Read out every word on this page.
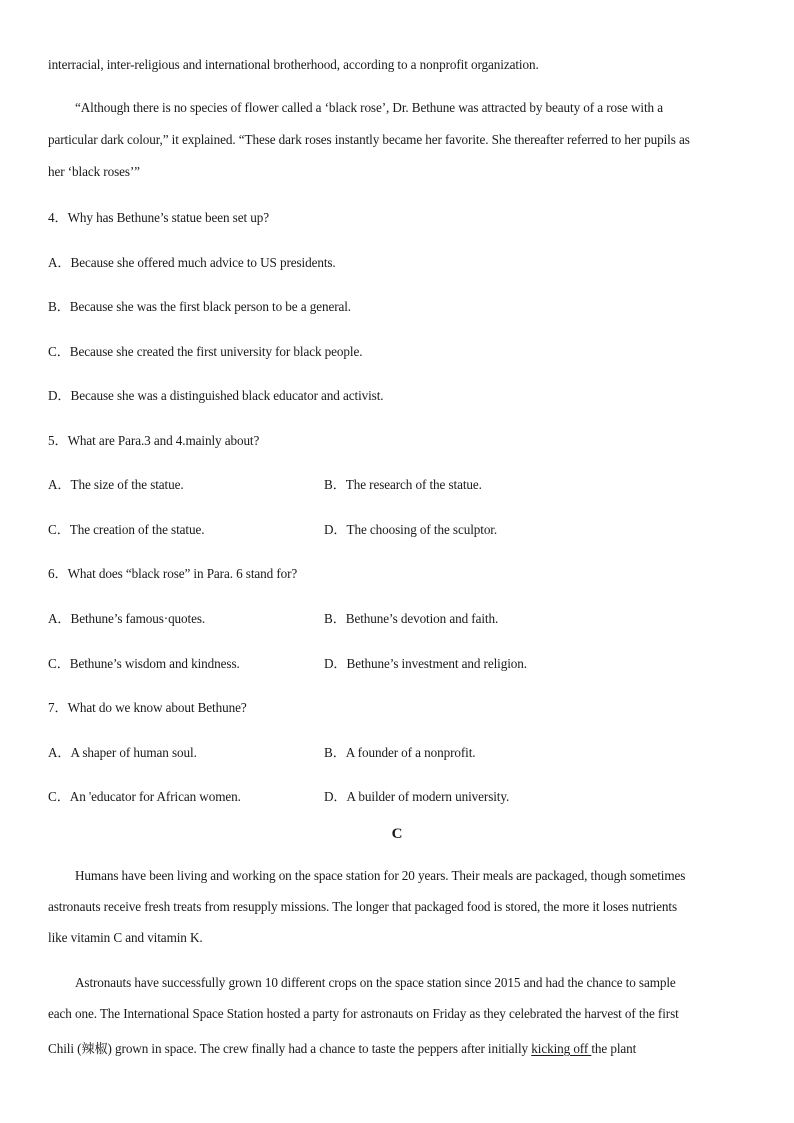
interracial, inter-religious and international brotherhood, according to a nonprofit organization.
“Although there is no species of flower called a ‘black rose’, Dr. Bethune was attracted by beauty of a rose with a
particular dark colour,” it explained. “These dark roses instantly became her favorite. She thereafter referred to her pupils as
her ‘black roses’”
4．Why has Bethune’s statue been set up?
A．Because she offered much advice to US presidents.
B．Because she was the first black person to be a general.
C．Because she created the first university for black people.
D．Because she was a distinguished black educator and activist.
5．What are Para.3 and 4.mainly about?
A．The size of the statue.	B．The research of the statue.
C．The creation of the statue.	D．The choosing of the sculptor.
6．What does “black rose” in Para. 6 stand for?
A．Bethune’s famous·quotes.	B．Bethune’s devotion and faith.
C．Bethune’s wisdom and kindness.	D．Bethune’s investment and religion.
7．What do we know about Bethune?
A．A shaper of human soul.	B．A founder of a nonprofit.
C．An 'educator for African women.	D．A builder of modern university.
C
Humans have been living and working on the space station for 20 years. Their meals are packaged, though sometimes
astronauts receive fresh treats from resupply missions. The longer that packaged food is stored, the more it loses nutrients
like vitamin C and vitamin K.
Astronauts have successfully grown 10 different crops on the space station since 2015 and had the chance to sample
each one. The International Space Station hosted a party for astronauts on Friday as they celebrated the harvest of the first
Chili (辣椒) grown in space. The crew finally had a chance to taste the peppers after initially kicking off the plant
